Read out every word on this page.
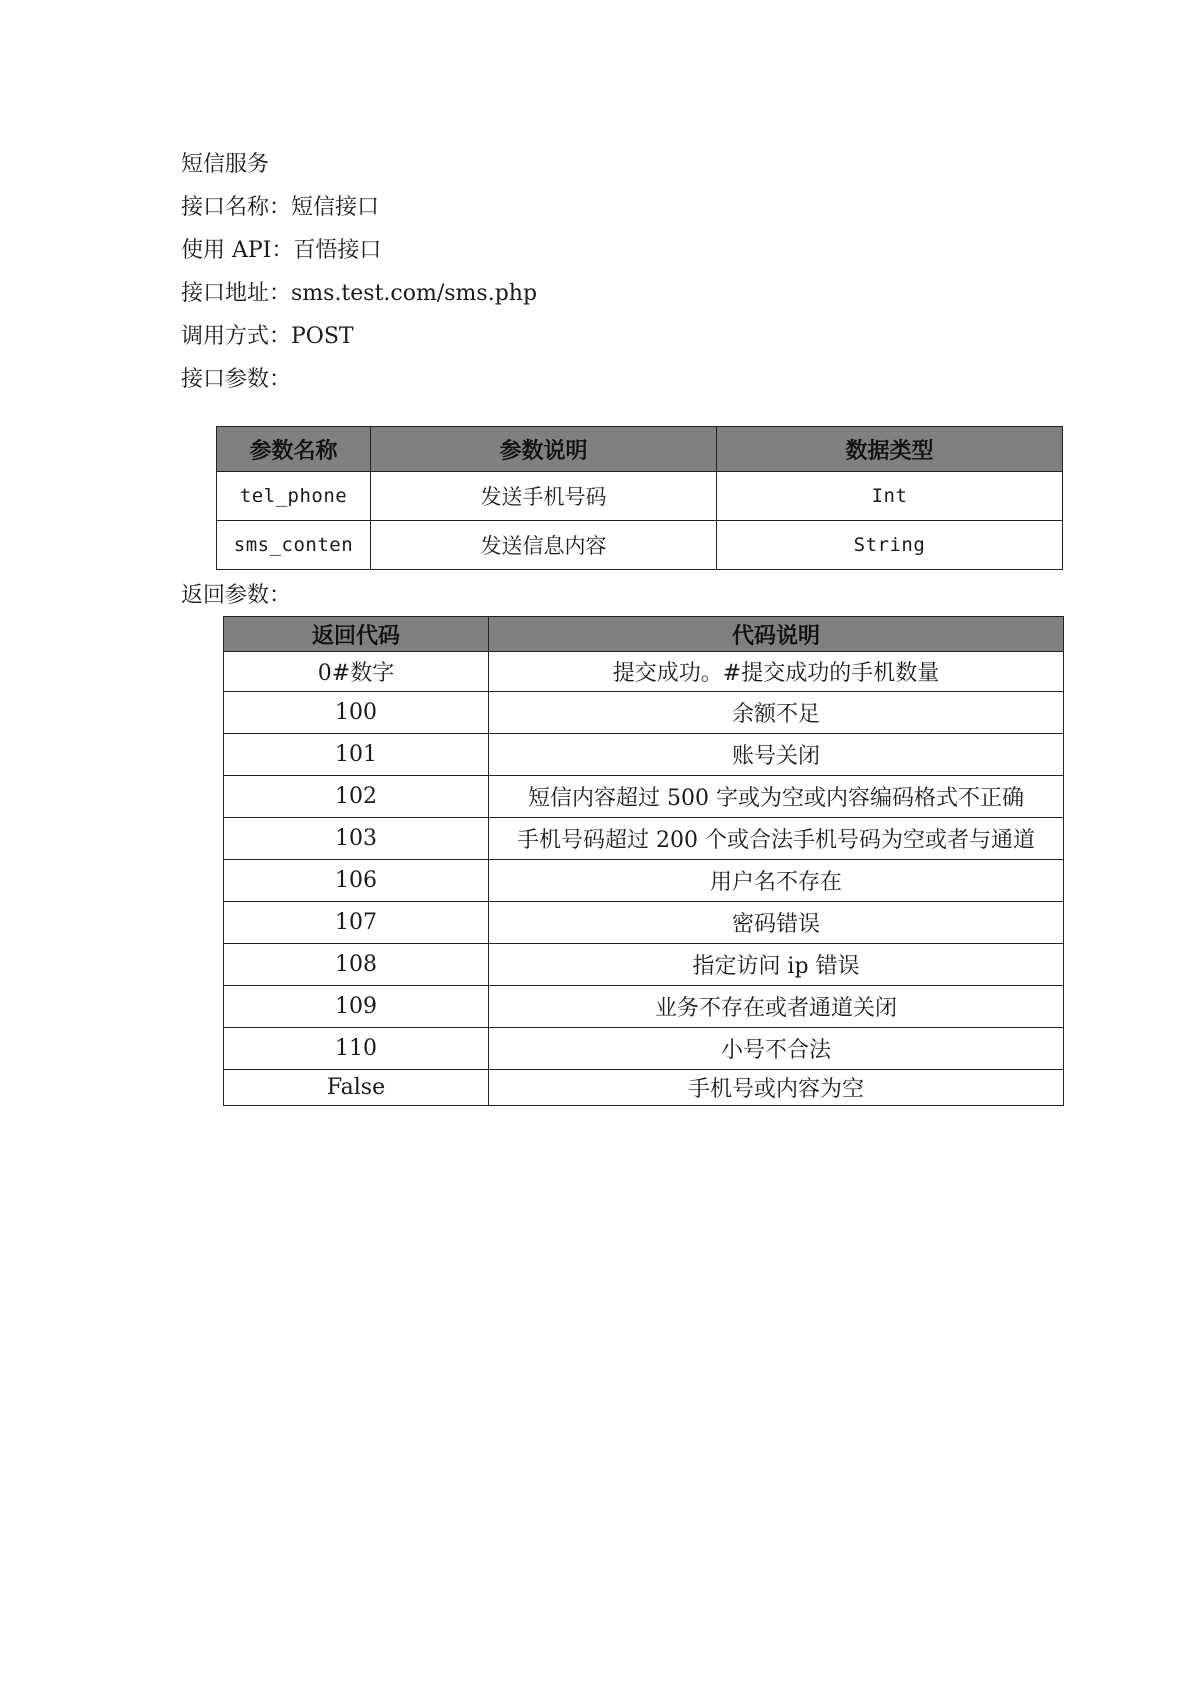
短信服务
接口名称：短信接口
使用 API：百悟接口
接口地址：sms.test.com/sms.php
调用方式：POST
接口参数：
参数名称	参数说明	数据类型
tel_phone	发送手机号码	Int
sms_conten	发送信息内容	String
返回参数：
返回代码	代码说明
0#数字	提交成功。#提交成功的手机数量
100	余额不足
101	账号关闭
102	短信内容超过 500 字或为空或内容编码格式不正确
103	手机号码超过 200 个或合法手机号码为空或者与通道
106	用户名不存在
107	密码错误
108	指定访问 ip 错误
109	业务不存在或者通道关闭
110	小号不合法
False	手机号或内容为空
